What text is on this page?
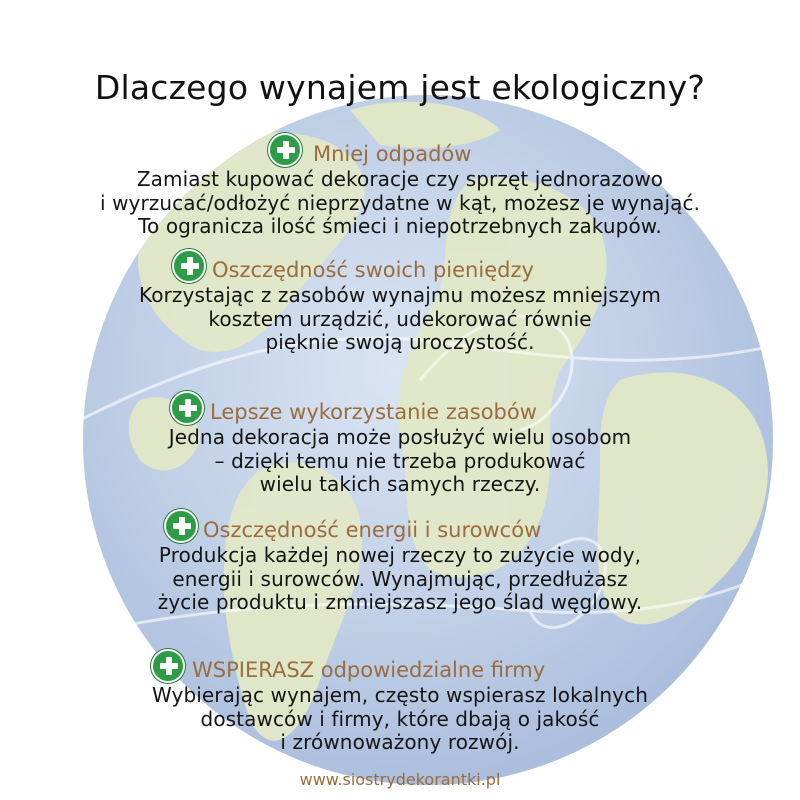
Dlaczego wynajem jest ekologiczny?
Mniej odpadów
Zamiast kupować dekoracje czy sprzęt jednorazowo
i wyrzucać/odłożyć nieprzydatne w kąt, możesz je wynająć.
To ogranicza ilość śmieci i niepotrzebnych zakupów.
Oszczędność swoich pieniędzy
Korzystając z zasobów wynajmu możesz mniejszym
kosztem urządzić, udekorować równie
pięknie swoją uroczystość.
Lepsze wykorzystanie zasobów
Jedna dekoracja może posłużyć wielu osobom
– dzięki temu nie trzeba produkować
wielu takich samych rzeczy.
Oszczędność energii i surowców
Produkcja każdej nowej rzeczy to zużycie wody,
energii i surowców. Wynajmując, przedłużasz
życie produktu i zmniejszasz jego ślad węglowy.
WSPIERASZ odpowiedzialne firmy
Wybierając wynajem, często wspierasz lokalnych
dostawców i firmy, które dbają o jakość
i zrównoważony rozwój.
www.siostrydekorantki.pl
